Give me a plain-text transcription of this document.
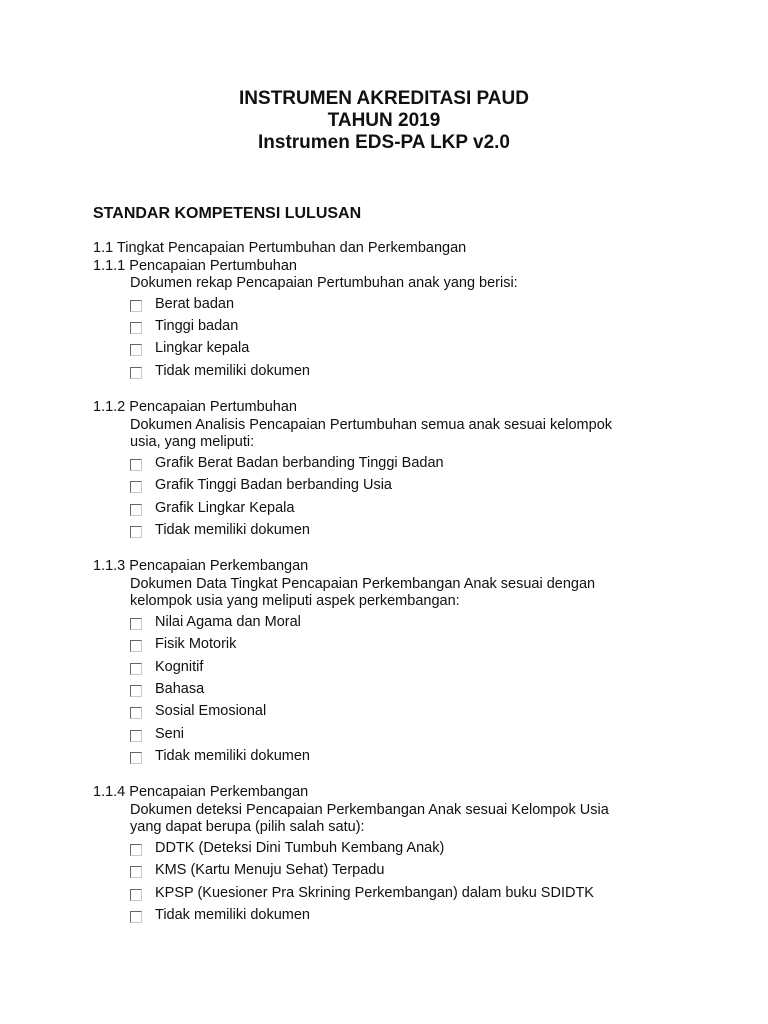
INSTRUMEN AKREDITASI PAUD
TAHUN 2019
Instrumen EDS-PA LKP v2.0
STANDAR KOMPETENSI LULUSAN
1.1 Tingkat Pencapaian Pertumbuhan dan Perkembangan
1.1.1 Pencapaian Pertumbuhan
Dokumen rekap Pencapaian Pertumbuhan anak yang berisi:
Berat badan
Tinggi badan
Lingkar kepala
Tidak memiliki dokumen
1.1.2 Pencapaian Pertumbuhan
Dokumen Analisis Pencapaian Pertumbuhan semua anak sesuai kelompok
usia, yang meliputi:
Grafik Berat Badan berbanding Tinggi Badan
Grafik Tinggi Badan berbanding Usia
Grafik Lingkar Kepala
Tidak memiliki dokumen
1.1.3 Pencapaian Perkembangan
Dokumen Data Tingkat Pencapaian Perkembangan Anak sesuai dengan
kelompok usia yang meliputi aspek perkembangan:
Nilai Agama dan Moral
Fisik Motorik
Kognitif
Bahasa
Sosial Emosional
Seni
Tidak memiliki dokumen
1.1.4 Pencapaian Perkembangan
Dokumen deteksi Pencapaian Perkembangan Anak sesuai Kelompok Usia
yang dapat berupa (pilih salah satu):
DDTK (Deteksi Dini Tumbuh Kembang Anak)
KMS (Kartu Menuju Sehat) Terpadu
KPSP (Kuesioner Pra Skrining Perkembangan) dalam buku SDIDTK
Tidak memiliki dokumen
